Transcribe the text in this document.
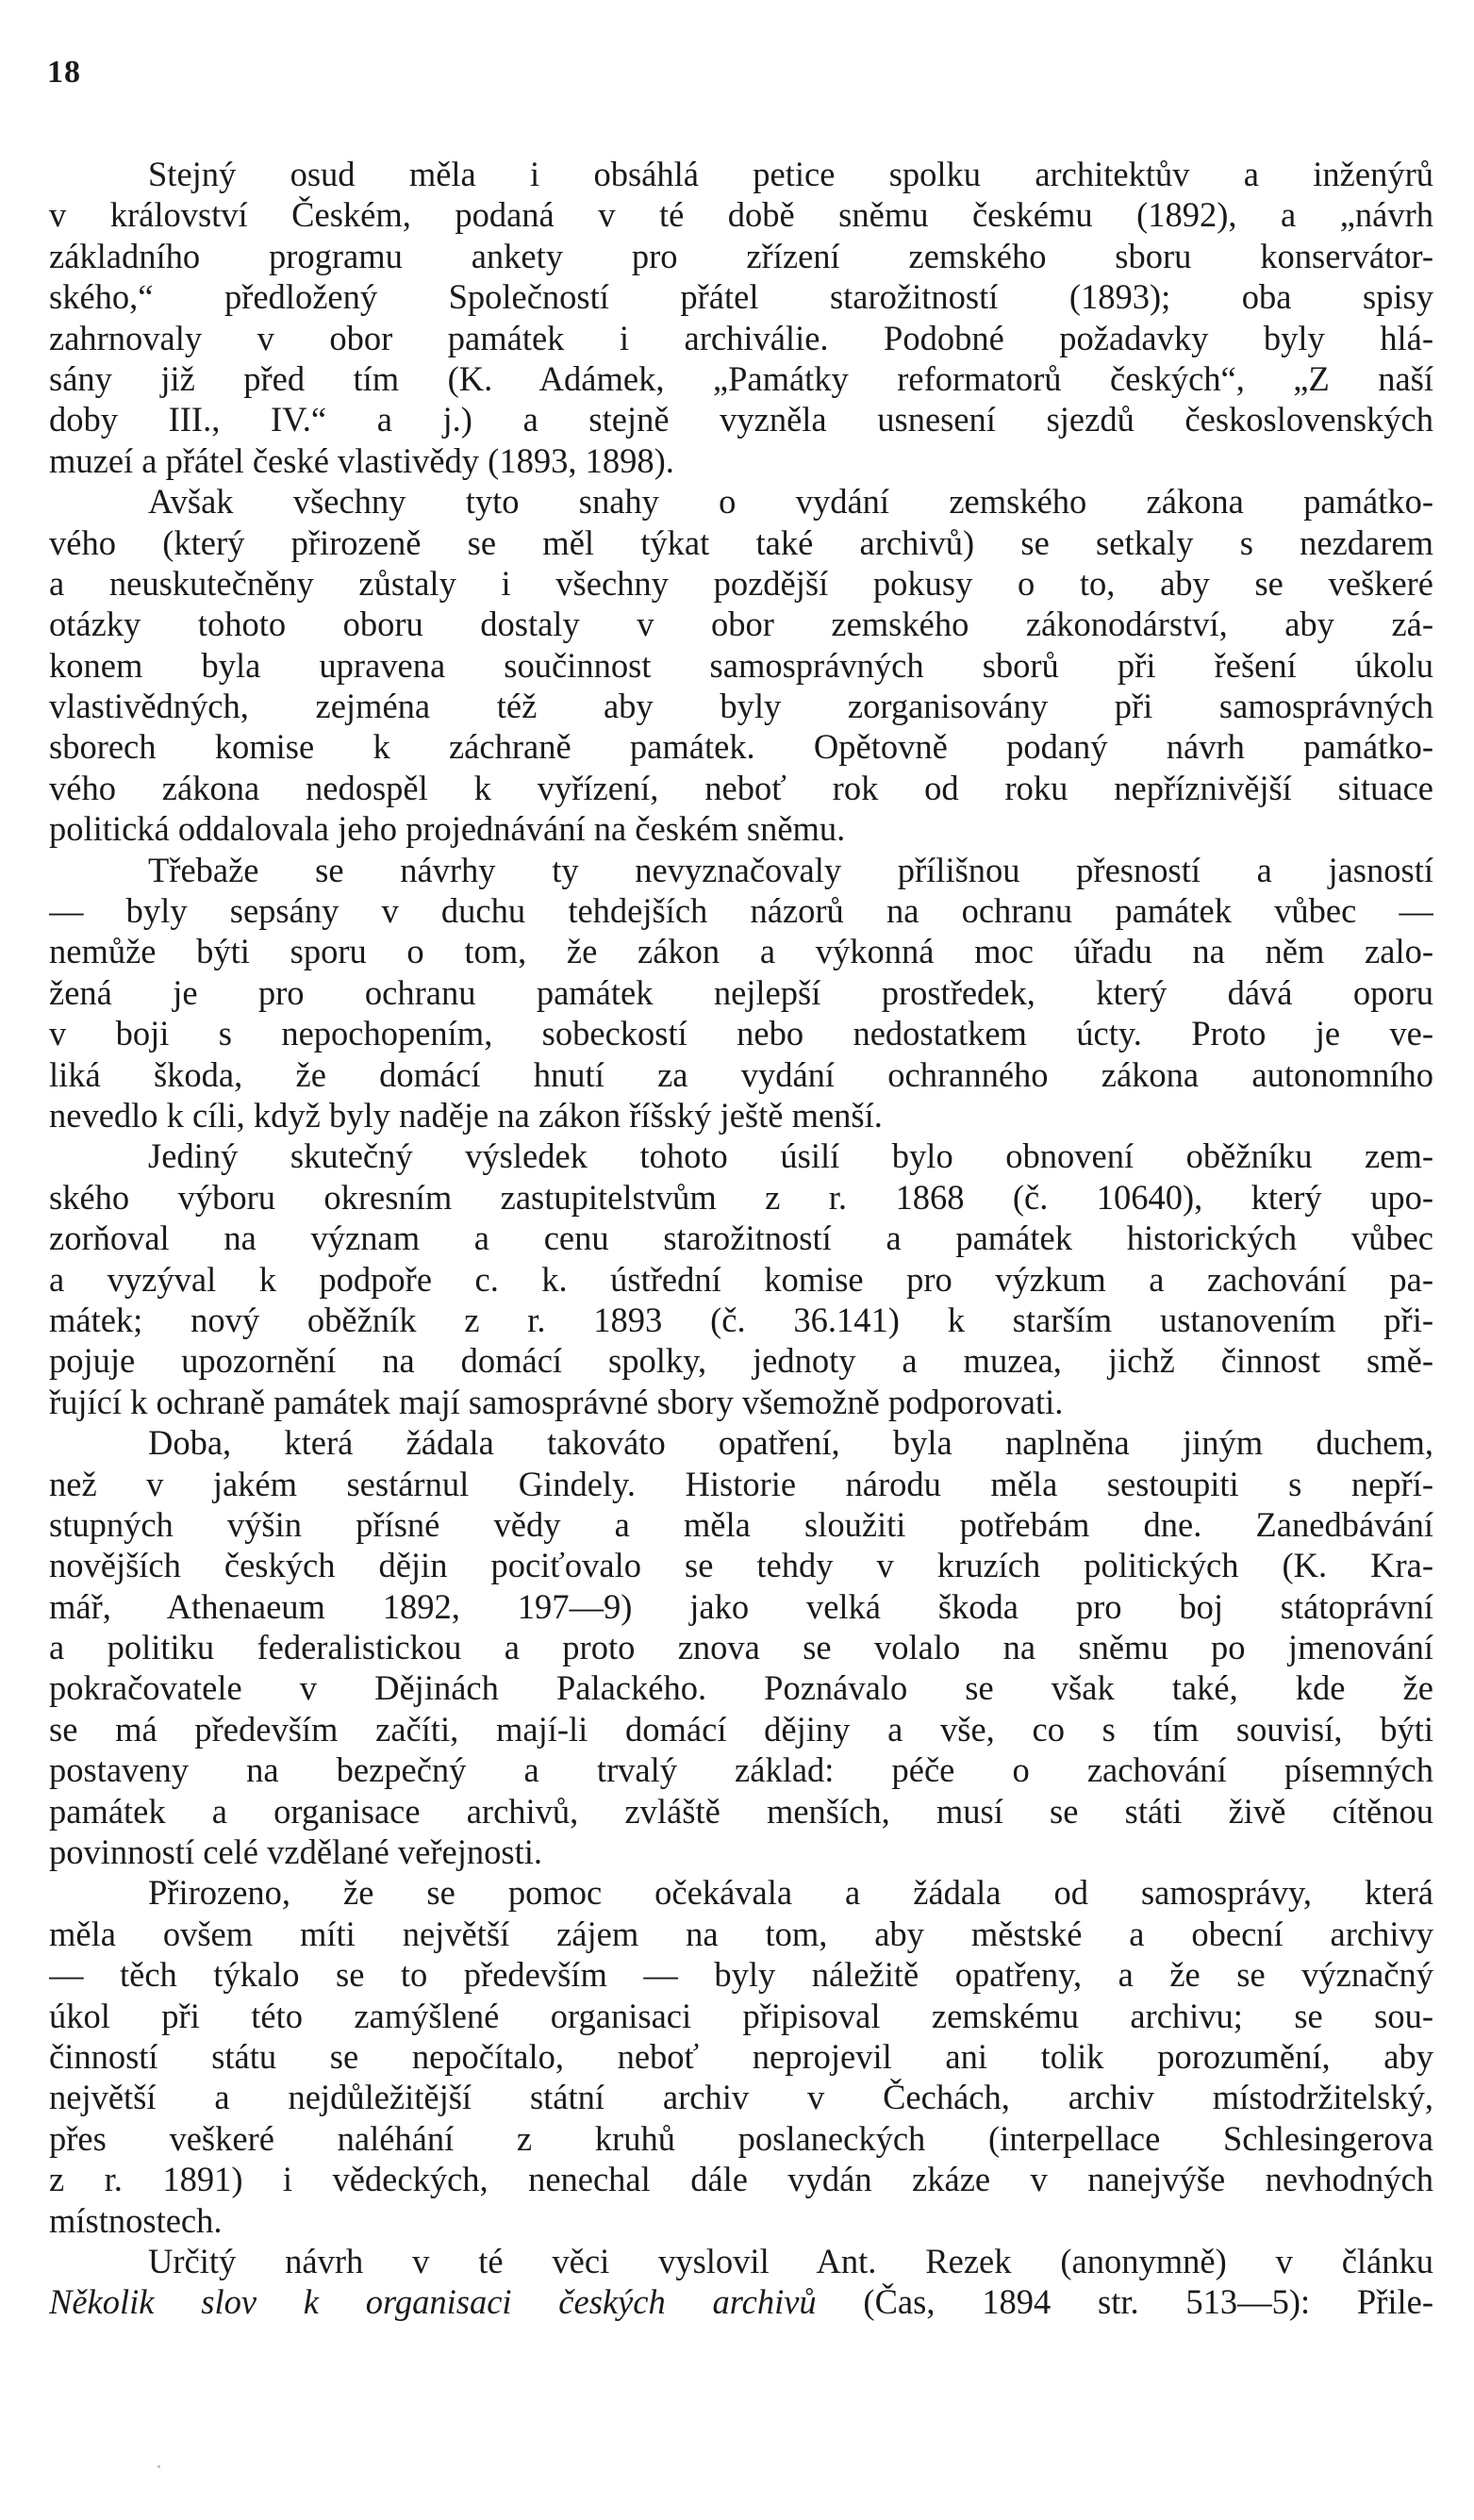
18
Stejný osud měla i obsáhlá petice spolku architektův a inženýrů
v království Českém, podaná v té době sněmu českému (1892), a „návrh
základního programu ankety pro zřízení zemského sboru konservátor-
ského,“ předložený Společností přátel starožitností (1893); oba spisy
zahrnovaly v obor památek i archiválie. Podobné požadavky byly hlá-
sány již před tím (K. Adámek, „Památky reformatorů českých“, „Z naší
doby III., IV.“ a j.) a stejně vyzněla usnesení sjezdů československých
muzeí a přátel české vlastivědy (1893, 1898).
Avšak všechny tyto snahy o vydání zemského zákona památko-
vého (který přirozeně se měl týkat také archivů) se setkaly s nezdarem
a neuskutečněny zůstaly i všechny pozdější pokusy o to, aby se veškeré
otázky tohoto oboru dostaly v obor zemského zákonodárství, aby zá-
konem byla upravena součinnost samosprávných sborů při řešení úkolu
vlastivědných, zejména též aby byly zorganisovány při samosprávných
sborech komise k záchraně památek. Opětovně podaný návrh památko-
vého zákona nedospěl k vyřízení, neboť rok od roku nepříznivější situace
politická oddalovala jeho projednávání na českém sněmu.
Třebaže se návrhy ty nevyznačovaly přílišnou přesností a jasností
— byly sepsány v duchu tehdejších názorů na ochranu památek vůbec —
nemůže býti sporu o tom, že zákon a výkonná moc úřadu na něm zalo-
žená je pro ochranu památek nejlepší prostředek, který dává oporu
v boji s nepochopením, sobeckostí nebo nedostatkem úcty. Proto je ve-
liká škoda, že domácí hnutí za vydání ochranného zákona autonomního
nevedlo k cíli, když byly naděje na zákon říšský ještě menší.
Jediný skutečný výsledek tohoto úsilí bylo obnovení oběžníku zem-
ského výboru okresním zastupitelstvům z r. 1868 (č. 10640), který upo-
zorňoval na význam a cenu starožitností a památek historických vůbec
a vyzýval k podpoře c. k. ústřední komise pro výzkum a zachování pa-
mátek; nový oběžník z r. 1893 (č. 36.141) k starším ustanovením při-
pojuje upozornění na domácí spolky, jednoty a muzea, jichž činnost smě-
řující k ochraně památek mají samosprávné sbory všemožně podporovati.
Doba, která žádala takováto opatření, byla naplněna jiným duchem,
než v jakém sestárnul Gindely. Historie národu měla sestoupiti s nepří-
stupných výšin přísné vědy a měla sloužiti potřebám dne. Zanedbávání
novějších českých dějin pociťovalo se tehdy v kruzích politických (K. Kra-
mář, Athenaeum 1892, 197—9) jako velká škoda pro boj státoprávní
a politiku federalistickou a proto znova se volalo na sněmu po jmenování
pokračovatele v Dějinách Palackého. Poznávalo se však také, kde že
se má především začíti, mají-li domácí dějiny a vše, co s tím souvisí, býti
postaveny na bezpečný a trvalý základ: péče o zachování písemných
památek a organisace archivů, zvláště menších, musí se státi živě cítěnou
povinností celé vzdělané veřejnosti.
Přirozeno, že se pomoc očekávala a žádala od samosprávy, která
měla ovšem míti největší zájem na tom, aby městské a obecní archivy
— těch týkalo se to především — byly náležitě opatřeny, a že se význačný
úkol při této zamýšlené organisaci připisoval zemskému archivu; se sou-
činností státu se nepočítalo, neboť neprojevil ani tolik porozumění, aby
největší a nejdůležitější státní archiv v Čechách, archiv místodržitelský,
přes veškeré naléhání z kruhů poslaneckých (interpellace Schlesingerova
z r. 1891) i vědeckých, nenechal dále vydán zkáze v nanejvýše nevhodných
místnostech.
Určitý návrh v té věci vyslovil Ant. Rezek (anonymně) v článku
Několik slov k organisaci českých archivů (Čas, 1894 str. 513—5): Přile-
